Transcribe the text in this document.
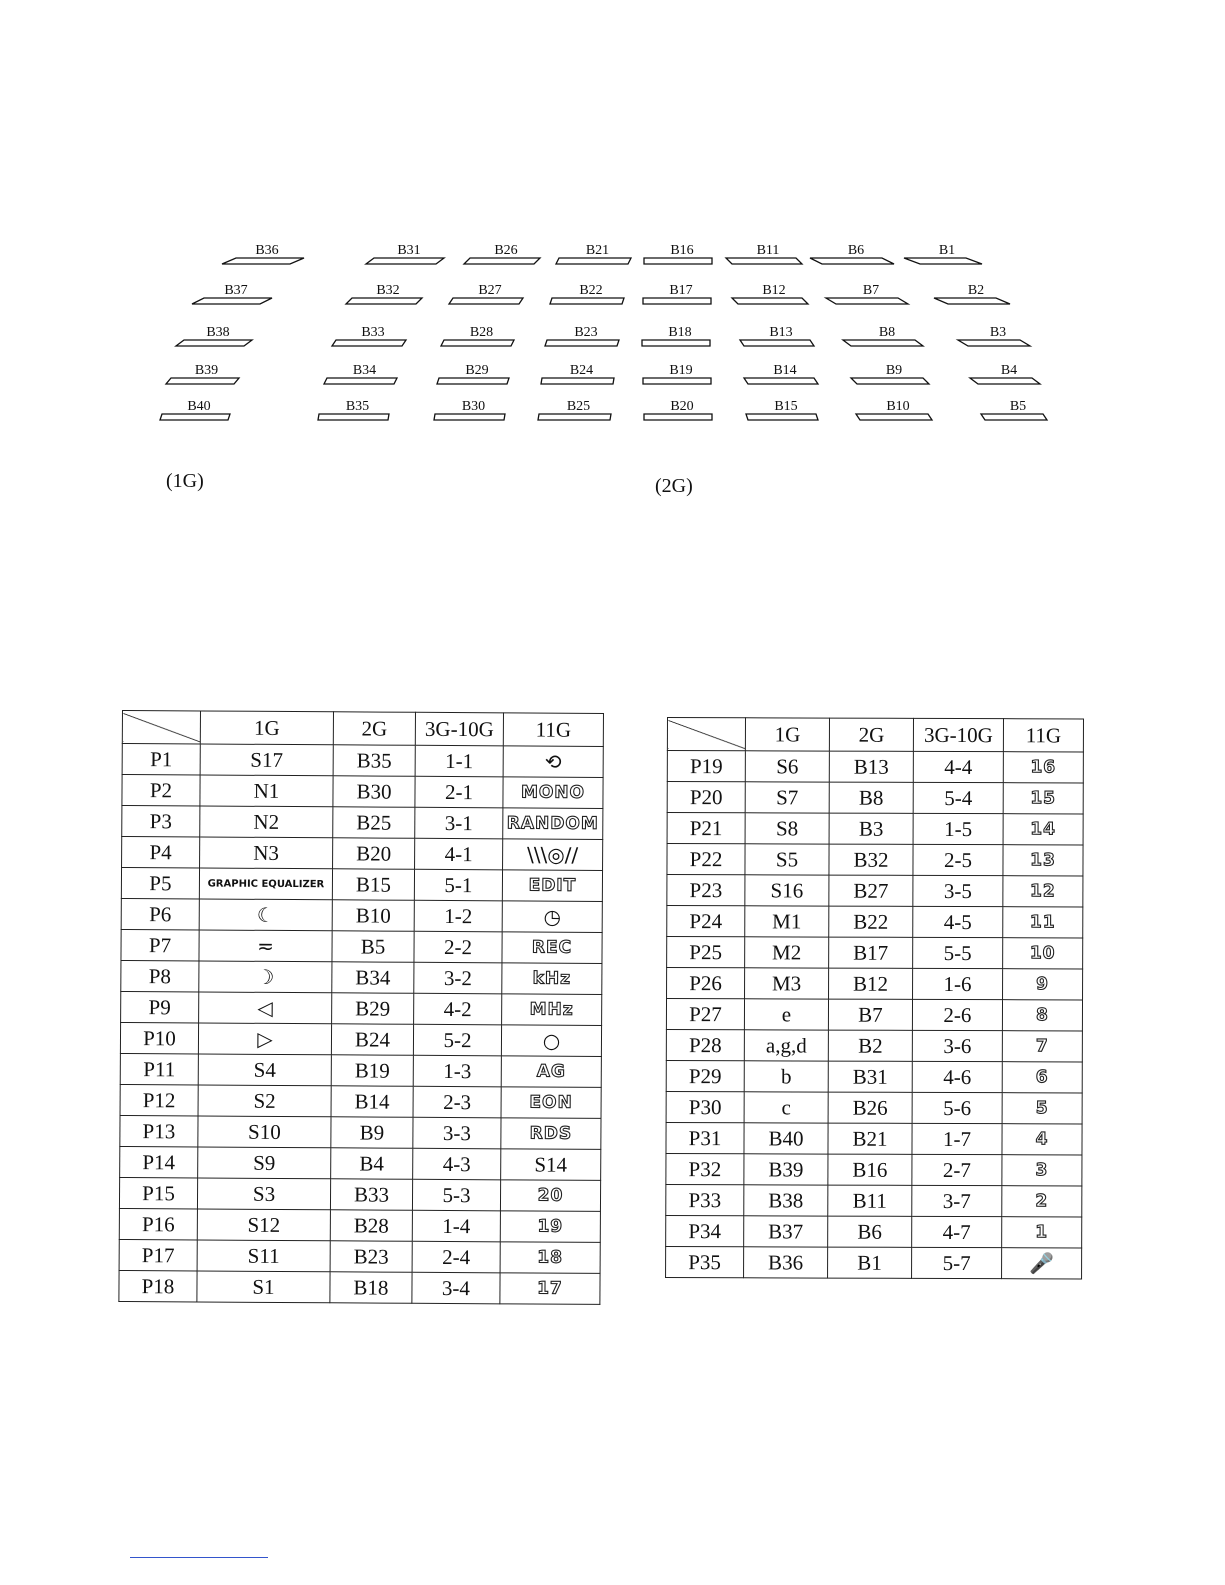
B36
B37
B38
B39
B40
B31
B32
B33
B34
B35
B26
B27
B28
B29
B30
B21
B22
B23
B24
B25
B16
B17
B18
B19
B20
B11
B12
B13
B14
B15
B6
B7
B8
B9
B10
B1
B2
B3
B4
B5
(1G)	(2G)
	1G	2G	3G-10G	11G
P1	S17	B35	1-1	⟲
P2	N1	B30	2-1	MONO
P3	N2	B25	3-1	RANDOM
P4	N3	B20	4-1	\\\◎//
P5	GRAPHIC EQUALIZER	B15	5-1	EDIT
P6	☾	B10	1-2	◷
P7	≂	B5	2-2	REC
P8	☽	B34	3-2	kHz
P9	◁	B29	4-2	MHz
P10	▷	B24	5-2	○
P11	S4	B19	1-3	AG
P12	S2	B14	2-3	EON
P13	S10	B9	3-3	RDS
P14	S9	B4	4-3	S14
P15	S3	B33	5-3	20
P16	S12	B28	1-4	19
P17	S11	B23	2-4	18
P18	S1	B18	3-4	17
	1G	2G	3G-10G	11G
P19	S6	B13	4-4	16
P20	S7	B8	5-4	15
P21	S8	B3	1-5	14
P22	S5	B32	2-5	13
P23	S16	B27	3-5	12
P24	M1	B22	4-5	11
P25	M2	B17	5-5	10
P26	M3	B12	1-6	9
P27	e	B7	2-6	8
P28	a,g,d	B2	3-6	7
P29	b	B31	4-6	6
P30	c	B26	5-6	5
P31	B40	B21	1-7	4
P32	B39	B16	2-7	3
P33	B38	B11	3-7	2
P34	B37	B6	4-7	1
P35	B36	B1	5-7	🎤
